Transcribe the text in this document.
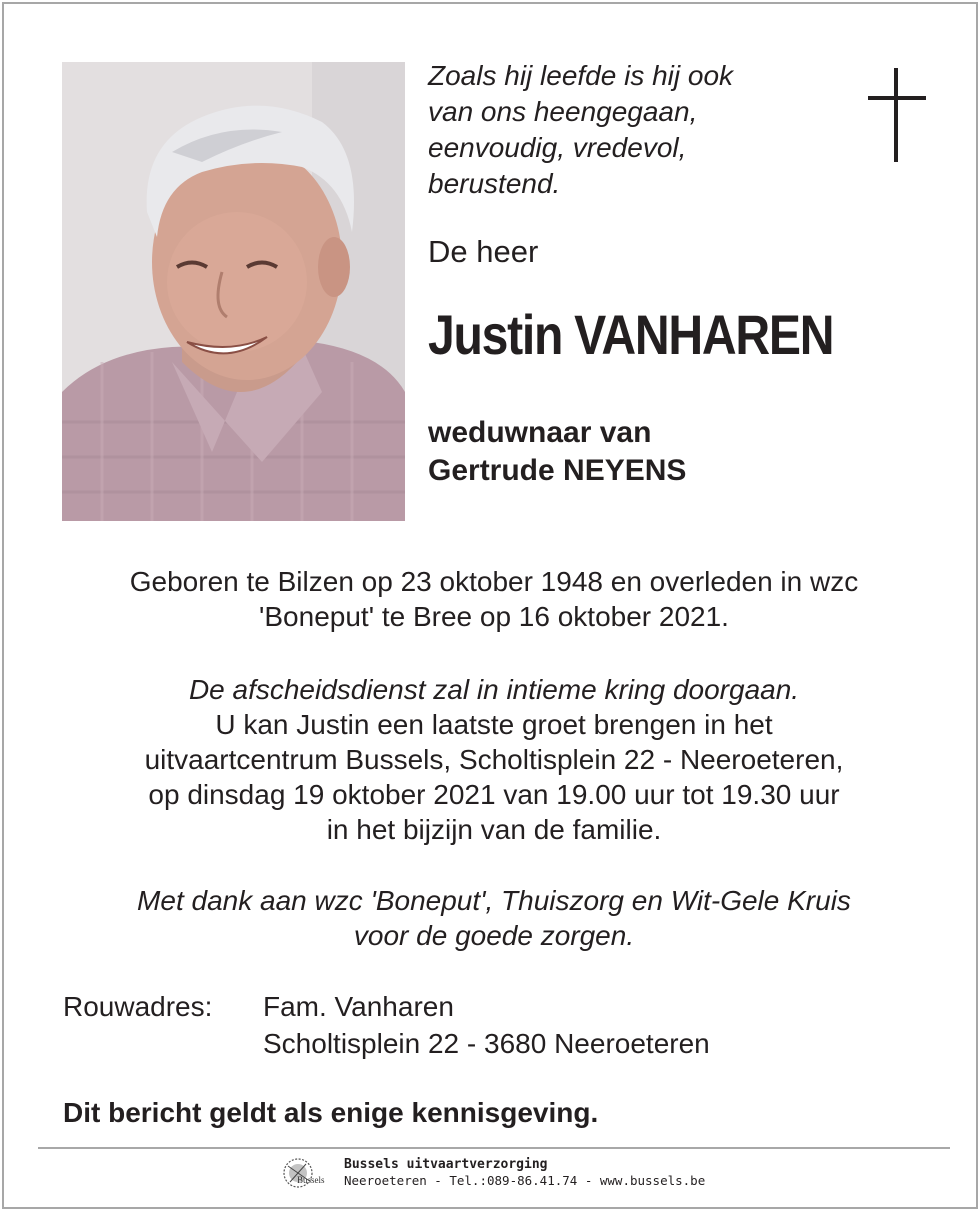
Zoals hij leefde is hij ook
van ons heengegaan,
eenvoudig, vredevol,
berustend.
De heer
Justin VANHAREN
weduwnaar van
Gertrude NEYENS
Geboren te Bilzen op 23 oktober 1948 en overleden in wzc
'Boneput' te Bree op 16 oktober 2021.
De afscheidsdienst zal in intieme kring doorgaan.
U kan Justin een laatste groet brengen in het
uitvaartcentrum Bussels, Scholtisplein 22 - Neeroeteren,
op dinsdag 19 oktober 2021 van 19.00 uur tot 19.30 uur
in het bijzijn van de familie.
Met dank aan wzc 'Boneput', Thuiszorg en Wit-Gele Kruis
voor de goede zorgen.
Rouwadres: Fam. Vanharen
Scholtisplein 22 - 3680 Neeroeteren
Dit bericht geldt als enige kennisgeving.
Bussels
Bussels uitvaartverzorging
Neeroeteren - Tel.:089-86.41.74 - www.bussels.be
